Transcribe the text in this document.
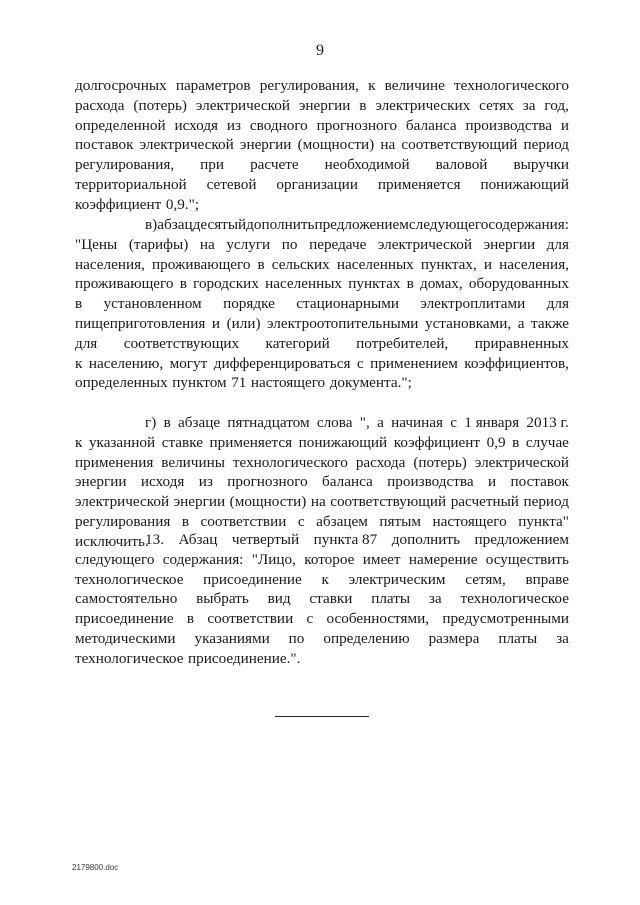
9
долгосрочных параметров регулирования, к величине технологического
расхода (потерь) электрической энергии в электрических сетях за год,
определенной исходя из сводного прогнозного баланса производства и
поставок электрической энергии (мощности) на соответствующий период
регулирования, при расчете необходимой валовой выручки
территориальной сетевой организации применяется понижающий
коэффициент 0,9.";
в) абзац десятый дополнить предложением следующего содержания:
"Цены (тарифы) на услуги по передаче электрической энергии для
населения, проживающего в сельских населенных пунктах, и населения,
проживающего в городских населенных пунктах в домах, оборудованных
в установленном порядке стационарными электроплитами для
пищеприготовления и (или) электроотопительными установками, а также
для соответствующих категорий потребителей, приравненных
к населению, могут дифференцироваться с применением коэффициентов,
определенных пунктом 71 настоящего документа.";
г) в абзаце пятнадцатом слова ", а начиная с 1 января 2013 г.
к указанной ставке применяется понижающий коэффициент 0,9 в случае
применения величины технологического расхода (потерь) электрической
энергии исходя из прогнозного баланса производства и поставок
электрической энергии (мощности) на соответствующий расчетный период
регулирования в соответствии с абзацем пятым настоящего пункта"
исключить.
13. Абзац четвертый пункта 87 дополнить предложением
следующего содержания: "Лицо, которое имеет намерение осуществить
технологическое присоединение к электрическим сетям, вправе
самостоятельно выбрать вид ставки платы за технологическое
присоединение в соответствии с особенностями, предусмотренными
методическими указаниями по определению размера платы за
технологическое присоединение.".
2179800.doc
